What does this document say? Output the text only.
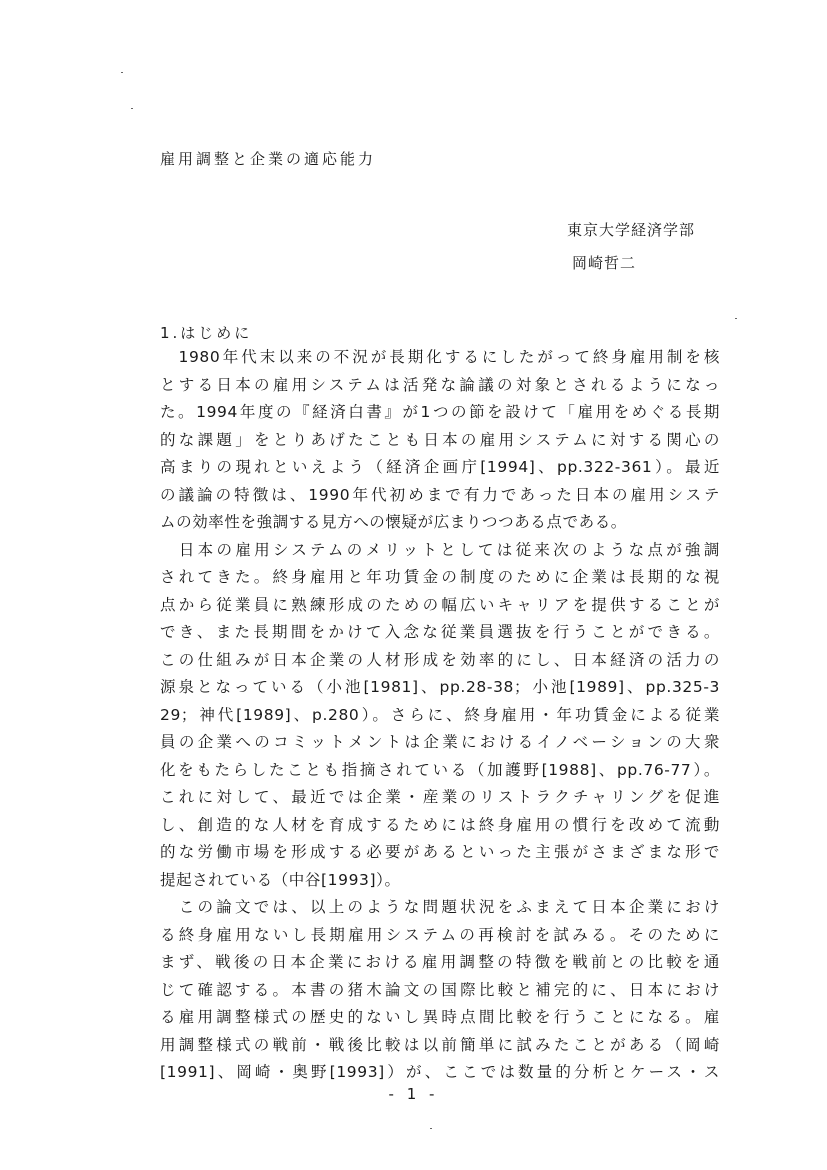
雇用調整と企業の適応能力
東京大学経済学部
岡崎哲二
1.はじめに
　1980年代末以来の不況が長期化するにしたがって終身雇用制を核
とする日本の雇用システムは活発な論議の対象とされるようになっ
た。1994年度の『経済白書』が1つの節を設けて「雇用をめぐる長期
的な課題」をとりあげたことも日本の雇用システムに対する関心の
高まりの現れといえよう（経済企画庁[1994]、pp.322-361）。最近
の議論の特徴は、1990年代初めまで有力であった日本の雇用システ
ムの効率性を強調する見方への懐疑が広まりつつある点である。
　日本の雇用システムのメリットとしては従来次のような点が強調
されてきた。終身雇用と年功賃金の制度のために企業は長期的な視
点から従業員に熟練形成のための幅広いキャリアを提供することが
でき、また長期間をかけて入念な従業員選抜を行うことができる。
この仕組みが日本企業の人材形成を効率的にし、日本経済の活力の
源泉となっている（小池[1981]、pp.28-38；小池[1989]、pp.325-3
29；神代[1989]、p.280）。さらに、終身雇用・年功賃金による従業
員の企業へのコミットメントは企業におけるイノベーションの大衆
化をもたらしたことも指摘されている（加護野[1988]、pp.76-77）。
これに対して、最近では企業・産業のリストラクチャリングを促進
し、創造的な人材を育成するためには終身雇用の慣行を改めて流動
的な労働市場を形成する必要があるといった主張がさまざまな形で
提起されている（中谷[1993]）。
　この論文では、以上のような問題状況をふまえて日本企業におけ
る終身雇用ないし長期雇用システムの再検討を試みる。そのために
まず、戦後の日本企業における雇用調整の特徴を戦前との比較を通
じて確認する。本書の猪木論文の国際比較と補完的に、日本におけ
る雇用調整様式の歴史的ないし異時点間比較を行うことになる。雇
用調整様式の戦前・戦後比較は以前簡単に試みたことがある（岡崎
[1991]、岡崎・奥野[1993]）が、ここでは数量的分析とケース・ス
- 1 -
